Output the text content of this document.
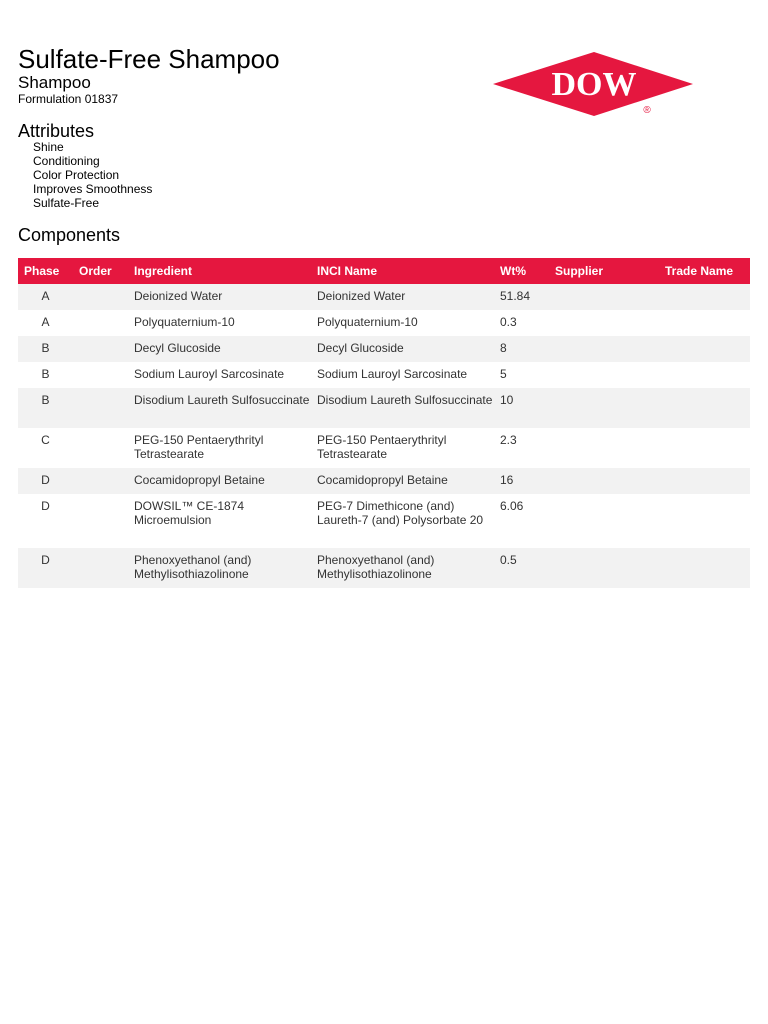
Sulfate-Free Shampoo
Shampoo
Formulation 01837	DOW
®
Attributes
Shine
Conditioning
Color Protection
Improves Smoothness
Sulfate-Free
Components
Phase	Order	Ingredient	INCI Name	Wt%	Supplier	Trade Name
A		Deionized Water	Deionized Water	51.84		
A		Polyquaternium-10	Polyquaternium-10	0.3		
B		Decyl Glucoside	Decyl Glucoside	8		
B		Sodium Lauroyl Sarcosinate	Sodium Lauroyl Sarcosinate	5		
B		Disodium Laureth Sulfosuccinate	Disodium Laureth Sulfosuccinate	10		
C		PEG-150 Pentaerythrityl Tetrastearate	PEG-150 Pentaerythrityl Tetrastearate	2.3		
D		Cocamidopropyl Betaine	Cocamidopropyl Betaine	16		
D		DOWSIL™ CE-1874 Microemulsion	PEG-7 Dimethicone (and) Laureth-7 (and) Polysorbate 20	6.06		
D		Phenoxyethanol (and) Methylisothiazolinone	Phenoxyethanol (and) Methylisothiazolinone	0.5		
